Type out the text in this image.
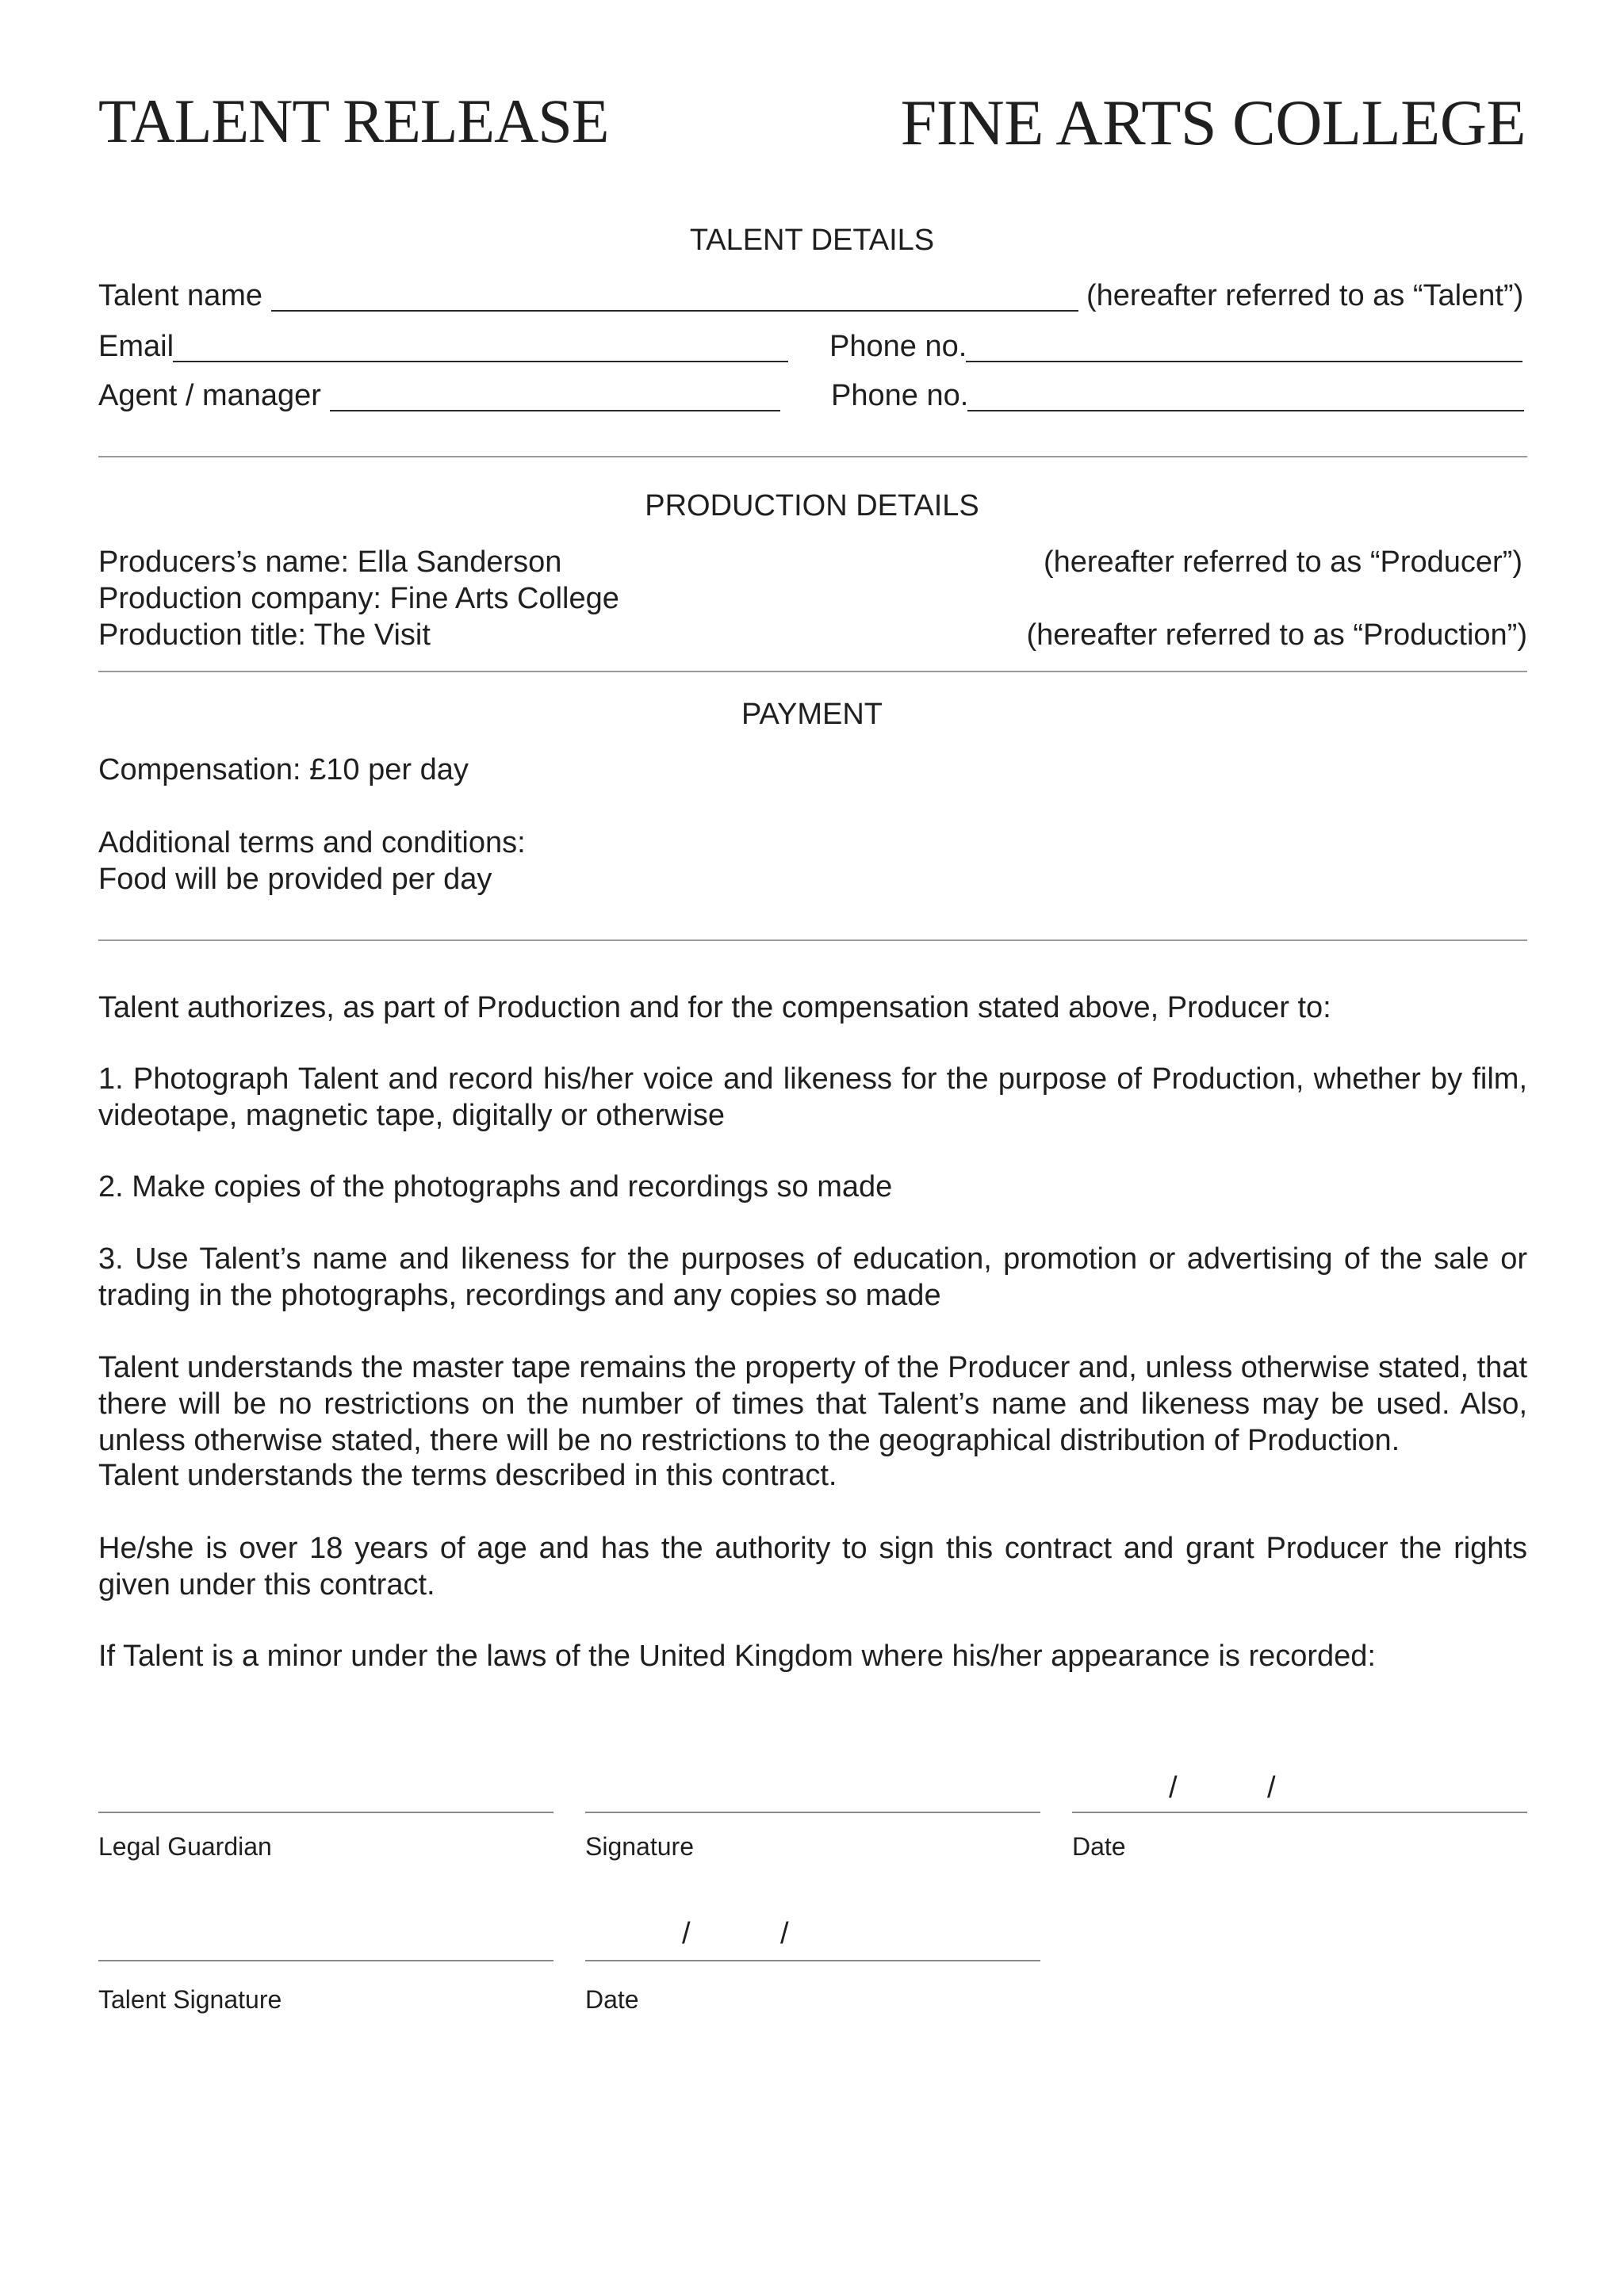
TALENT RELEASE	FINE ARTS COLLEGE
TALENT DETAILS
Talent name	(hereafter referred to as “Talent”)
Email	Phone no.
Agent / manager	Phone no.
PRODUCTION DETAILS
Producers’s name: Ella Sanderson	(hereafter referred to as “Producer”)
Production company: Fine Arts College
Production title: The Visit	(hereafter referred to as “Production”)
PAYMENT
Compensation: £10 per day
Additional terms and conditions:
Food will be provided per day
Talent authorizes, as part of Production and for the compensation stated above, Producer to:
1. Photograph Talent and record his/her voice and likeness for the purpose of Production, whether by film, videotape, magnetic tape, digitally or otherwise
2. Make copies of the photographs and recordings so made
3. Use Talent’s name and likeness for the purposes of education, promotion or advertising of the sale or trading in the photographs, recordings and any copies so made
Talent understands the master tape remains the property of the Producer and, unless otherwise stated, that there will be no restrictions on the number of times that Talent’s name and likeness may be used. Also, unless otherwise stated, there will be no restrictions to the geographical distribution of Production.
Talent understands the terms described in this contract.
He/she is over 18 years of age and has the authority to sign this contract and grant Producer the rights given under this contract.
If Talent is a minor under the laws of the United Kingdom where his/her appearance is recorded:
/	/
Legal Guardian	Signature	Date
/	/
Talent Signature	Date
